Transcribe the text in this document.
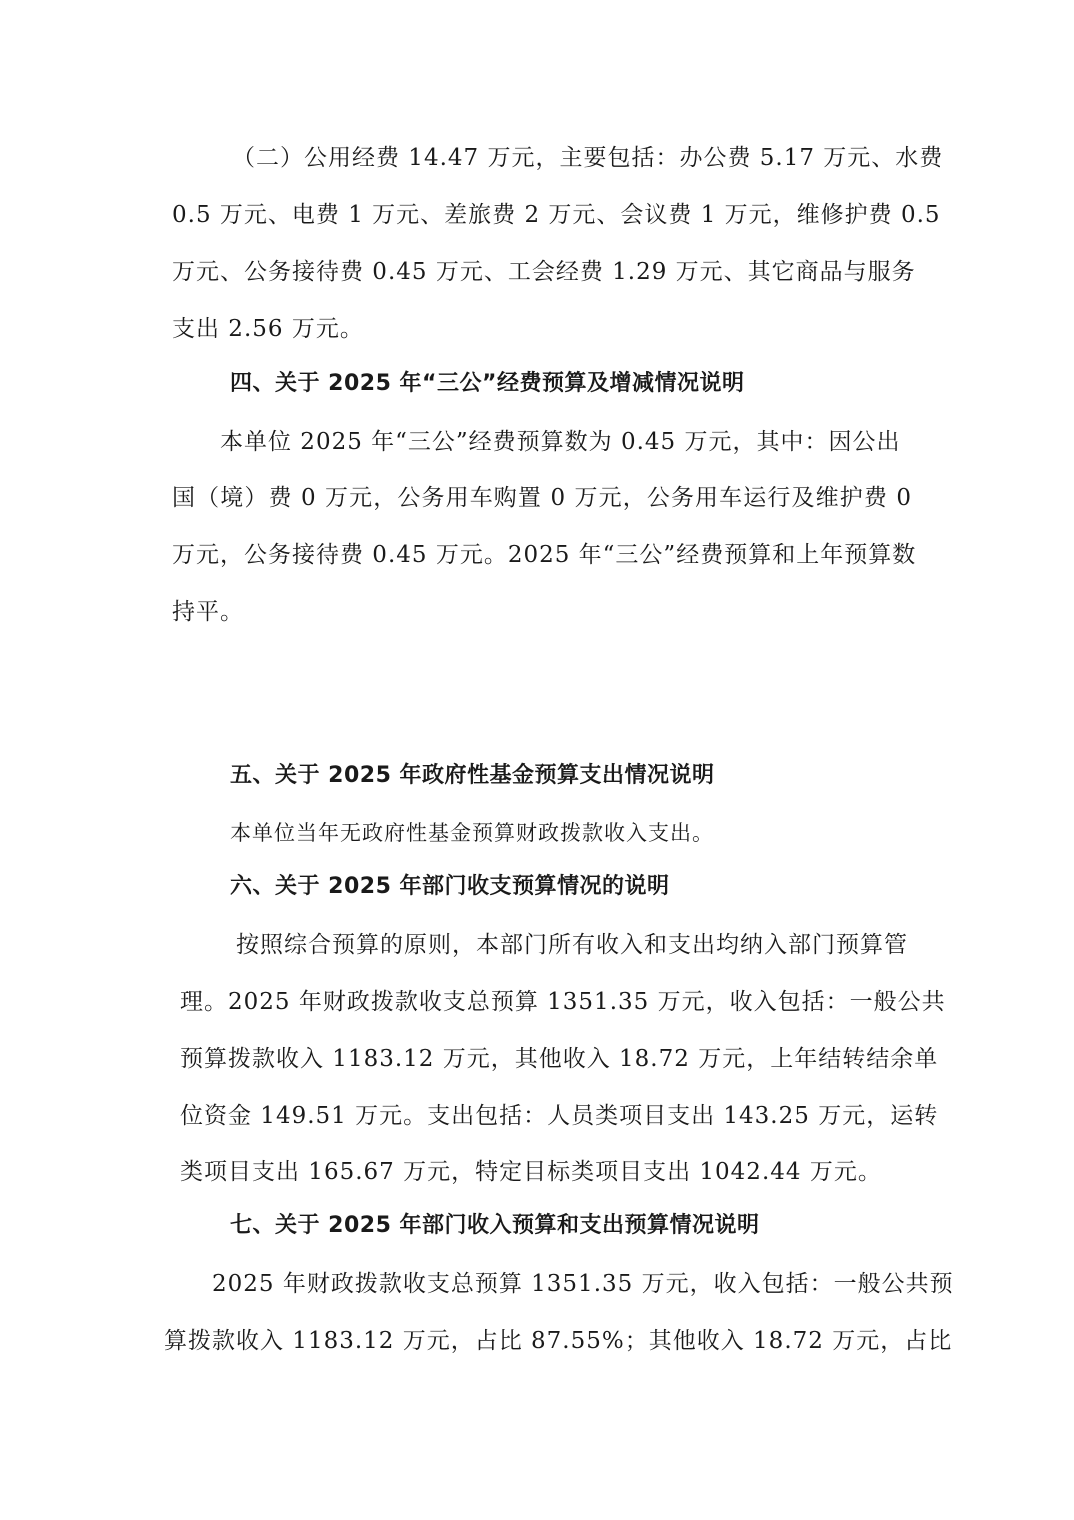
（二）公用经费 14.47 万元，主要包括：办公费 5.17 万元、水费
0.5 万元、电费 1 万元、差旅费 2 万元、会议费 1 万元，维修护费 0.5
万元、公务接待费 0.45 万元、工会经费 1.29 万元、其它商品与服务
支出 2.56 万元。
四、关于 2025 年“三公”经费预算及增减情况说明
本单位 2025 年“三公”经费预算数为 0.45 万元，其中：因公出
国（境）费 0 万元，公务用车购置 0 万元，公务用车运行及维护费 0
万元，公务接待费 0.45 万元。2025 年“三公”经费预算和上年预算数
持平。
五、关于 2025 年政府性基金预算支出情况说明
本单位当年无政府性基金预算财政拨款收入支出。
六、关于 2025 年部门收支预算情况的说明
按照综合预算的原则，本部门所有收入和支出均纳入部门预算管
理。2025 年财政拨款收支总预算 1351.35 万元，收入包括：一般公共
预算拨款收入 1183.12 万元，其他收入 18.72 万元，上年结转结余单
位资金 149.51 万元。支出包括：人员类项目支出 143.25 万元，运转
类项目支出 165.67 万元，特定目标类项目支出 1042.44 万元。
七、关于 2025 年部门收入预算和支出预算情况说明
2025 年财政拨款收支总预算 1351.35 万元，收入包括：一般公共预
算拨款收入 1183.12 万元，占比 87.55%；其他收入 18.72 万元，占比
